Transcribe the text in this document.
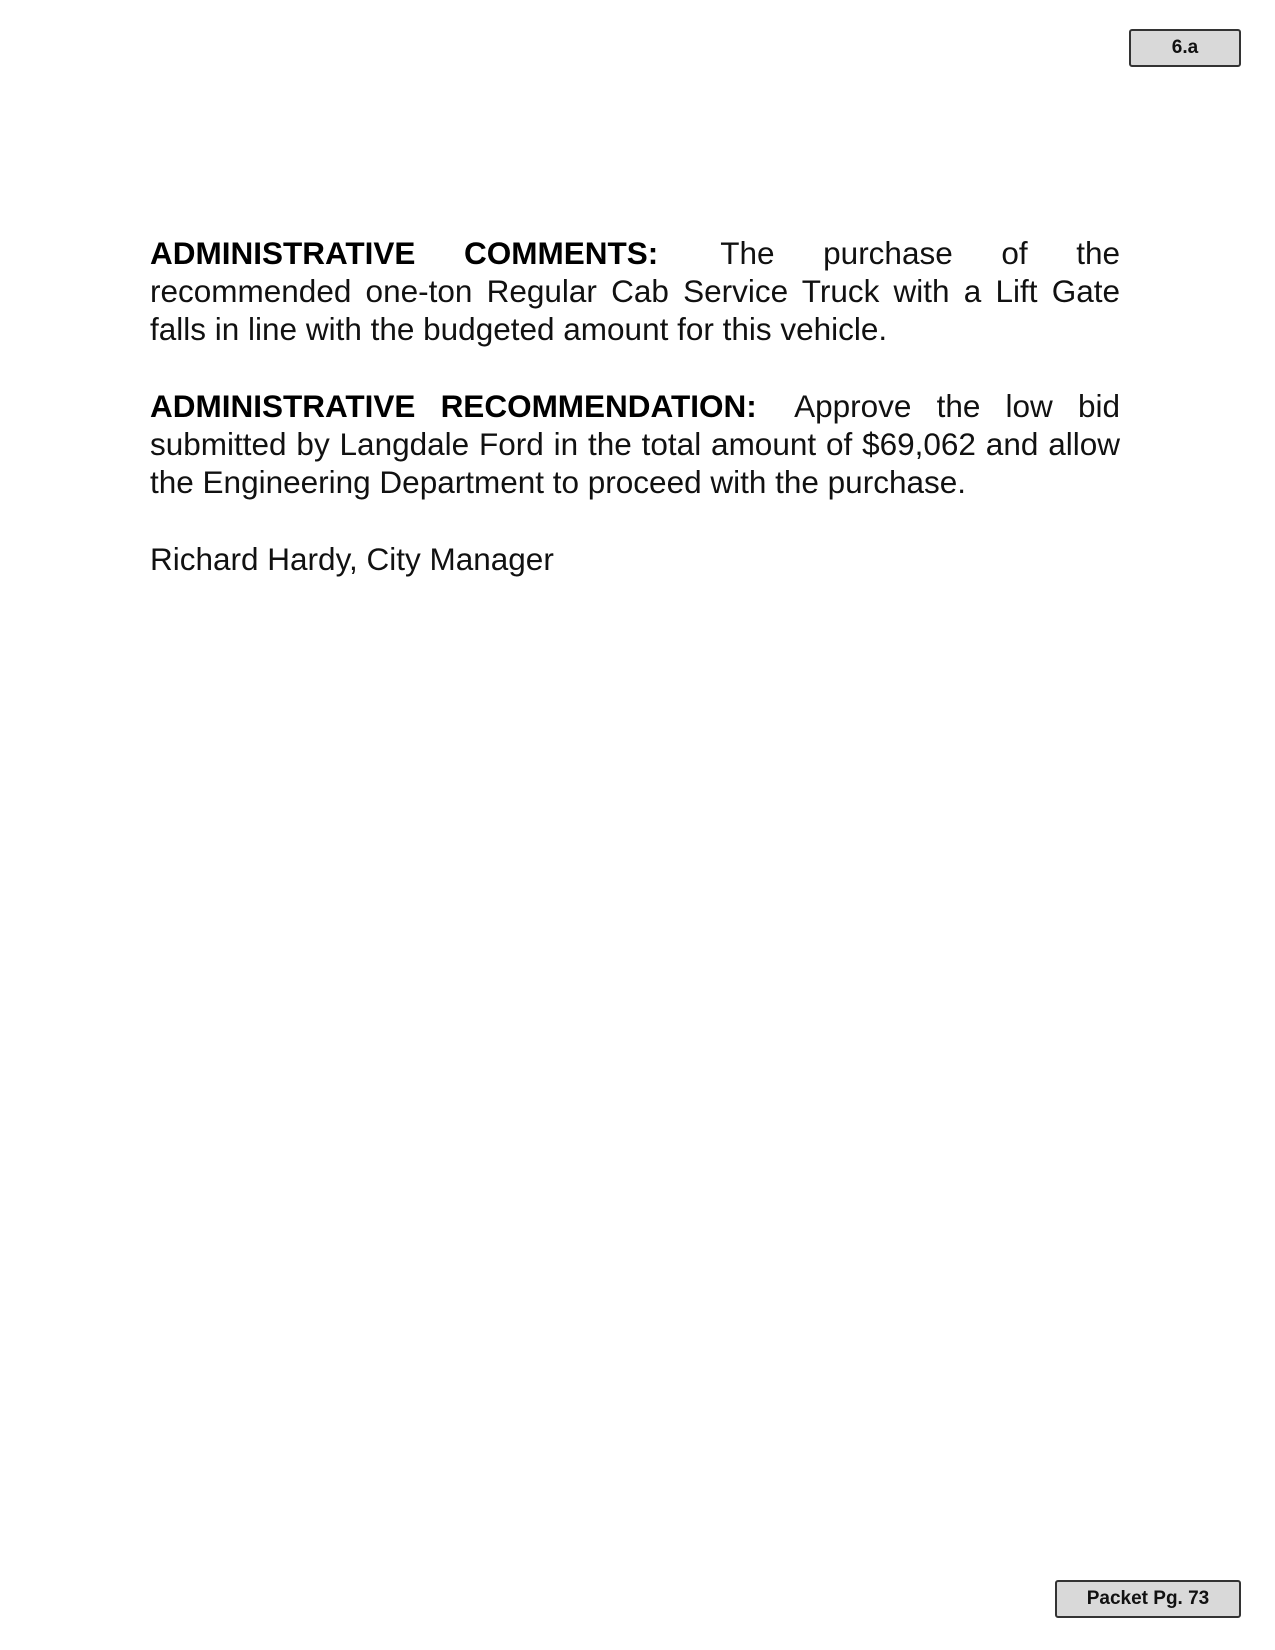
6.a

ADMINISTRATIVE COMMENTS: The purchase of the recommended one-ton Regular Cab Service Truck with a Lift Gate falls in line with the budgeted amount for this vehicle.

ADMINISTRATIVE RECOMMENDATION: Approve the low bid submitted by Langdale Ford in the total amount of $69,062 and allow the Engineering Department to proceed with the purchase.

Richard Hardy, City Manager

Packet Pg. 73
